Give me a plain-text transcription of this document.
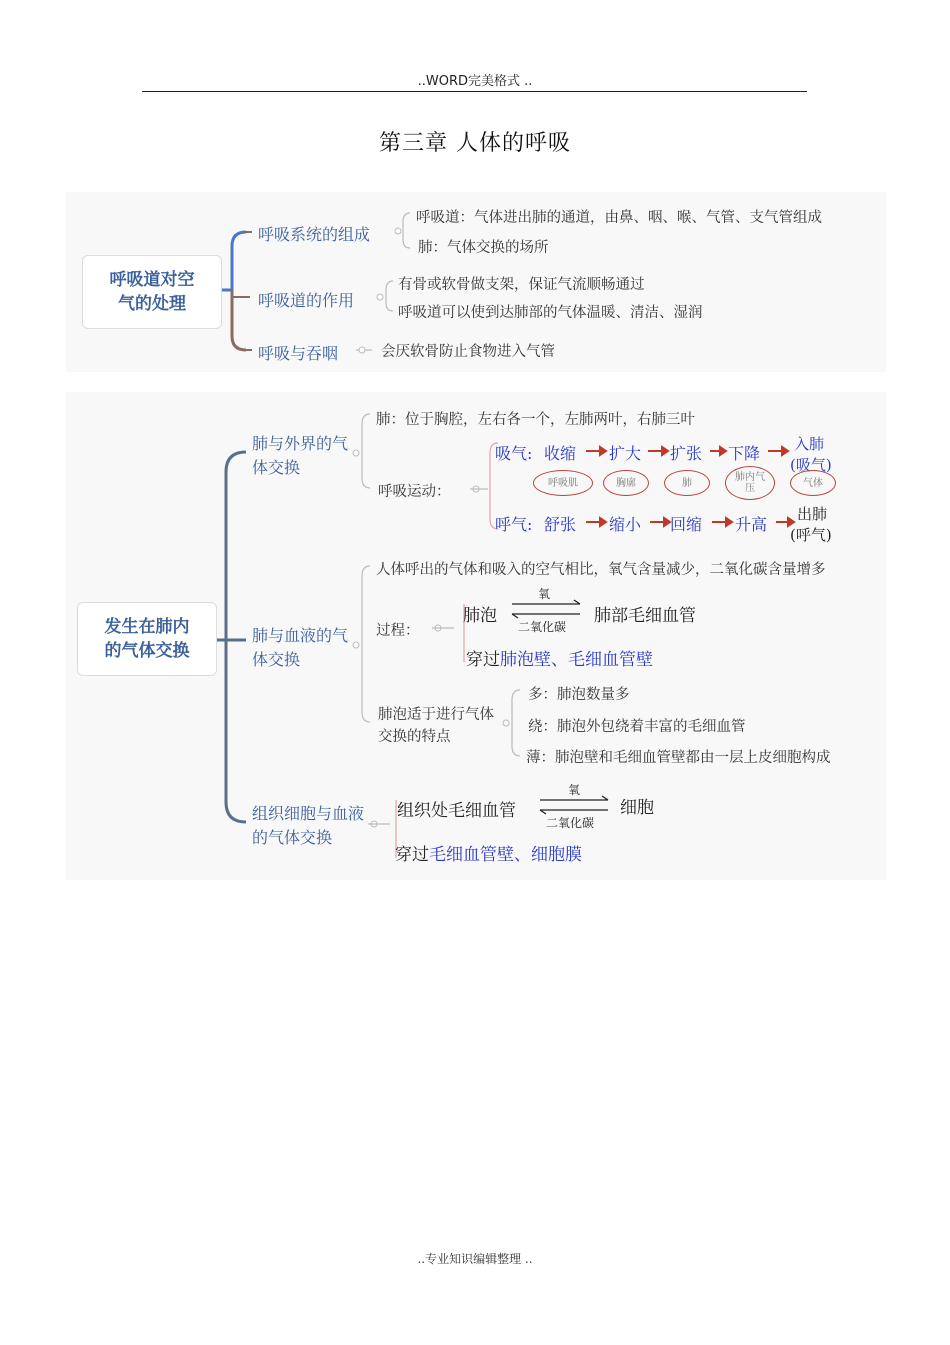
..WORD完美格式 ..
第三章 人体的呼吸
呼吸道对空气的处理
呼吸系统的组成
呼吸道：气体进出肺的通道，由鼻、咽、喉、气管、支气管组成
肺：气体交换的场所
呼吸道的作用
有骨或软骨做支架，保证气流顺畅通过
呼吸道可以使到达肺部的气体温暖、清洁、湿润
呼吸与吞咽	会厌软骨防止食物进入气管
发生在肺内的气体交换
肺与外界的气体交换
肺：位于胸腔，左右各一个，左肺两叶，右肺三叶
呼吸运动：
吸气: 收缩 扩大 扩张 下降 入肺
(吸气)
呼吸肌	胸廓	肺	肺内气压	气体
呼气: 舒张 缩小 回缩 升高
出肺
(呼气)
肺与血液的气体交换
人体呼出的气体和吸入的空气相比，氧气含量减少，二氧化碳含量增多
过程：
肺泡
氧
二氧化碳
肺部毛细血管
穿过肺泡壁、毛细血管壁
肺泡适于进行气体交换的特点
多：肺泡数量多
绕：肺泡外包绕着丰富的毛细血管
薄：肺泡壁和毛细血管壁都由一层上皮细胞构成
组织细胞与血液的气体交换
组织处毛细血管
氧
二氧化碳
细胞
穿过毛细血管壁、细胞膜
..专业知识编辑整理 ..
